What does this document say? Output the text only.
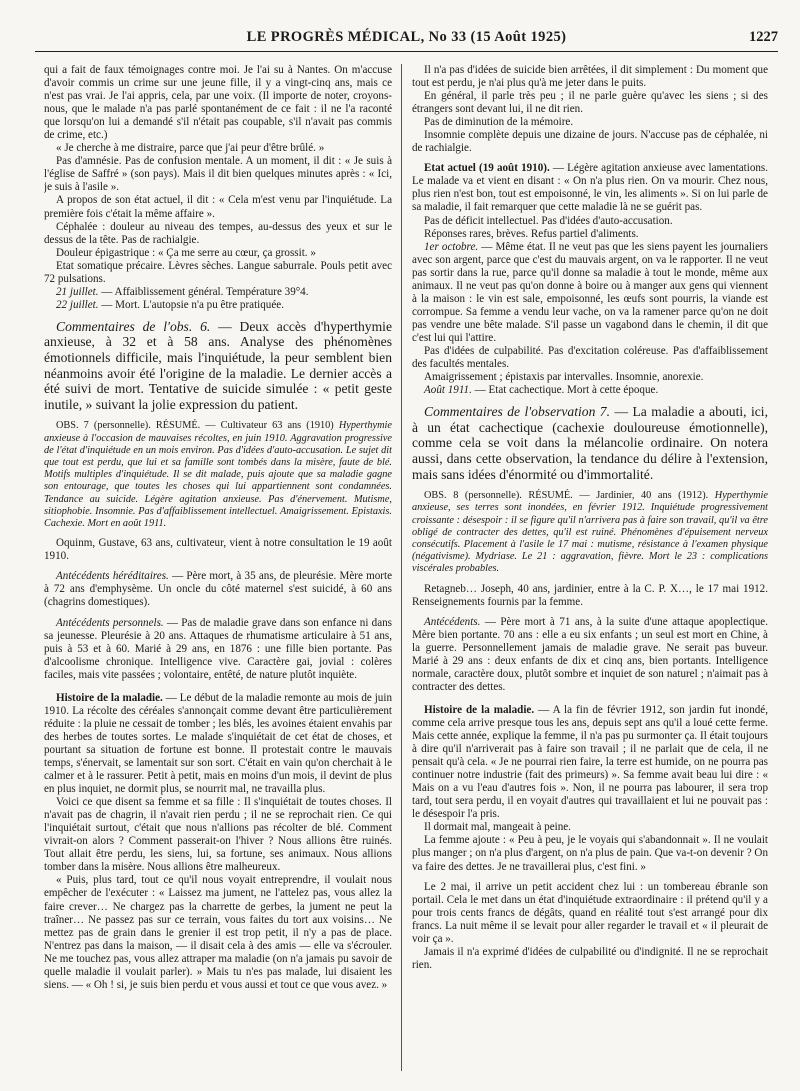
LE PROGRÈS MÉDICAL, No 33 (15 Août 1925)	1227

qui a fait de faux témoignages contre moi. Je l'ai su à Nantes. On m'accuse d'avoir commis un crime sur une jeune fille, il y a vingt-cinq ans, mais ce n'est pas vrai. Je l'ai appris, cela, par une voix. (Il importe de noter, croyons-nous, que le malade n'a pas parlé spontanément de ce fait : il ne l'a raconté que lorsqu'on lui a demandé s'il n'était pas coupable, s'il n'avait pas commis de crime, etc.)

« Je cherche à me distraire, parce que j'ai peur d'être brûlé. »

Pas d'amnésie. Pas de confusion mentale. A un moment, il dit : « Je suis à l'église de Saffré » (son pays). Mais il dit bien quelques minutes après : « Ici, je suis à l'asile ».

A propos de son état actuel, il dit : « Cela m'est venu par l'inquiétude. La première fois c'était la même affaire ».

Céphalée : douleur au niveau des tempes, au-dessus des yeux et sur le dessus de la tête. Pas de rachialgie.

Douleur épigastrique : « Ça me serre au cœur, ça grossit. »

Etat somatique précaire. Lèvres sèches. Langue saburrale. Pouls petit avec 72 pulsations.

21 juillet. — Affaiblissement général. Température 39°4.

22 juillet. — Mort. L'autopsie n'a pu être pratiquée.

Commentaires de l'obs. 6. — Deux accès d'hyperthymie anxieuse, à 32 et à 58 ans. Analyse des phénomènes émotionnels difficile, mais l'inquiétude, la peur semblent bien néanmoins avoir été l'origine de la maladie. Le dernier accès a été suivi de mort. Tentative de suicide simulée : « petit geste inutile, » suivant la jolie expression du patient.

OBS. 7 (personnelle). RÉSUMÉ. — Cultivateur 63 ans (1910) Hyperthymie anxieuse à l'occasion de mauvaises récoltes, en juin 1910. Aggravation progressive de l'état d'inquiétude en un mois environ. Pas d'idées d'auto-accusation. Le sujet dit que tout est perdu, que lui et sa famille sont tombés dans la misère, faute de blé. Motifs multiples d'inquiétude. Il se dit malade, puis ajoute que sa maladie gagne son entourage, que toutes les choses qui lui appartiennent sont condamnées. Tendance au suicide. Légère agitation anxieuse. Pas d'énervement. Mutisme, sitiophobie. Insomnie. Pas d'affaiblissement intellectuel. Amaigrissement. Epistaxis. Cachexie. Mort en août 1911.

Oquinm, Gustave, 63 ans, cultivateur, vient à notre consultation le 19 août 1910.

Antécédents héréditaires. — Père mort, à 35 ans, de pleurésie. Mère morte à 72 ans d'emphysème. Un oncle du côté maternel s'est suicidé, à 60 ans (chagrins domestiques).

Antécédents personnels. — Pas de maladie grave dans son enfance ni dans sa jeunesse. Pleurésie à 20 ans. Attaques de rhumatisme articulaire à 51 ans, puis à 53 et à 60. Marié à 29 ans, en 1876 : une fille bien portante. Pas d'alcoolisme chronique. Intelligence vive. Caractère gai, jovial : colères faciles, mais vite passées ; volontaire, entêté, de nature plutôt inquiète.

Histoire de la maladie. — Le début de la maladie remonte au mois de juin 1910. La récolte des céréales s'annonçait comme devant être particulièrement réduite : la pluie ne cessait de tomber ; les blés, les avoines étaient envahis par des herbes de toutes sortes. Le malade s'inquiétait de cet état de choses, et pourtant sa situation de fortune est bonne. Il protestait contre le mauvais temps, s'énervait, se lamentait sur son sort. C'était en vain qu'on cherchait à le calmer et à le rassurer. Petit à petit, mais en moins d'un mois, il devint de plus en plus inquiet, ne dormit plus, se nourrit mal, ne travailla plus.

Voici ce que disent sa femme et sa fille : Il s'inquiétait de toutes choses. Il n'avait pas de chagrin, il n'avait rien perdu ; il ne se reprochait rien. Ce qui l'inquiétait surtout, c'était que nous n'allions pas récolter de blé. Comment vivrait-on alors ? Comment passerait-on l'hiver ? Nous allions être ruinés. Tout allait être perdu, les siens, lui, sa fortune, ses animaux. Nous allions tomber dans la misère. Nous allions être malheureux.

« Puis, plus tard, tout ce qu'il nous voyait entreprendre, il voulait nous empêcher de l'exécuter : « Laissez ma jument, ne l'attelez pas, vous allez la faire crever… Ne chargez pas la charrette de gerbes, la jument ne peut la traîner… Ne passez pas sur ce terrain, vous faites du tort aux voisins… Ne mettez pas de grain dans le grenier il est trop petit, il n'y a pas de place. N'entrez pas dans la maison, — il disait cela à des amis — elle va s'écrouler. Ne me touchez pas, vous allez attraper ma maladie (on n'a jamais pu savoir de quelle maladie il voulait parler). » Mais tu n'es pas malade, lui disaient les siens. — « Oh ! si, je suis bien perdu et vous aussi et tout ce que vous avez. »

Il n'a pas d'idées de suicide bien arrêtées, il dit simplement : Du moment que tout est perdu, je n'ai plus qu'à me jeter dans le puits.

En général, il parle très peu ; il ne parle guère qu'avec les siens ; si des étrangers sont devant lui, il ne dit rien.

Pas de diminution de la mémoire.

Insomnie complète depuis une dizaine de jours. N'accuse pas de céphalée, ni de rachialgie.

Etat actuel (19 août 1910). — Légère agitation anxieuse avec lamentations. Le malade va et vient en disant : « On n'a plus rien. On va mourir. Chez nous, plus rien n'est bon, tout est empoisonné, le vin, les aliments ». Si on lui parle de sa maladie, il fait remarquer que cette maladie là ne se guérit pas.

Pas de déficit intellectuel. Pas d'idées d'auto-accusation.

Réponses rares, brèves. Refus partiel d'aliments.

1er octobre. — Même état. Il ne veut pas que les siens payent les journaliers avec son argent, parce que c'est du mauvais argent, on va le rapporter. Il ne veut pas sortir dans la rue, parce qu'il donne sa maladie à tout le monde, même aux animaux. Il ne veut pas qu'on donne à boire ou à manger aux gens qui viennent à la maison : le vin est sale, empoisonné, les œufs sont pourris, la viande est corrompue. Sa femme a vendu leur vache, on va la ramener parce qu'on ne doit pas vendre une bête malade. S'il passe un vagabond dans le chemin, il dit que c'est lui qui l'attire.

Pas d'idées de culpabilité. Pas d'excitation coléreuse. Pas d'affaiblissement des facultés mentales.

Amaigrissement ; épistaxis par intervalles. Insomnie, anorexie.

Août 1911. — Etat cachectique. Mort à cette époque.

Commentaires de l'observation 7. — La maladie a abouti, ici, à un état cachectique (cachexie douloureuse émotionnelle), comme cela se voit dans la mélancolie ordinaire. On notera aussi, dans cette observation, la tendance du délire à l'extension, mais sans idées d'énormité ou d'immortalité.

OBS. 8 (personnelle). RÉSUMÉ. — Jardinier, 40 ans (1912). Hyperthymie anxieuse, ses terres sont inondées, en février 1912. Inquiétude progressivement croissante : désespoir : il se figure qu'il n'arrivera pas à faire son travail, qu'il va être obligé de contracter des dettes, qu'il est ruiné. Phénomènes d'épuisement nerveux consécutifs. Placement à l'asile le 17 mai : mutisme, résistance à l'examen physique (négativisme). Mydriase. Le 21 : aggravation, fièvre. Mort le 23 : complications viscérales probables.

Retagneb… Joseph, 40 ans, jardinier, entre à la C. P. X…, le 17 mai 1912. Renseignements fournis par la femme.

Antécédents. — Père mort à 71 ans, à la suite d'une attaque apoplectique. Mère bien portante. 70 ans : elle a eu six enfants ; un seul est mort en Chine, à la guerre. Personnellement jamais de maladie grave. Ne serait pas buveur. Marié à 29 ans : deux enfants de dix et cinq ans, bien portants. Intelligence normale, caractère doux, plutôt sombre et inquiet de son naturel ; n'aimait pas à contracter des dettes.

Histoire de la maladie. — A la fin de février 1912, son jardin fut inondé, comme cela arrive presque tous les ans, depuis sept ans qu'il a loué cette ferme. Mais cette année, explique la femme, il n'a pas pu surmonter ça. Il était toujours à dire qu'il n'arriverait pas à faire son travail ; il ne parlait que de cela, il ne pensait qu'à cela. « Je ne pourrai rien faire, la terre est humide, on ne pourra pas continuer notre industrie (fait des primeurs) ». Sa femme avait beau lui dire : « Mais on a vu l'eau d'autres fois ». Non, il ne pourra pas labourer, il sera trop tard, tout sera perdu, il en voyait d'autres qui travaillaient et lui ne pouvait pas : le désespoir l'a pris.

Il dormait mal, mangeait à peine.

La femme ajoute : « Peu à peu, je le voyais qui s'abandonnait ». Il ne voulait plus manger ; on n'a plus d'argent, on n'a plus de pain. Que va-t-on devenir ? On va faire des dettes. Je ne travaillerai plus, c'est fini. »

Le 2 mai, il arrive un petit accident chez lui : un tombereau ébranle son portail. Cela le met dans un état d'inquiétude extraordinaire : il prétend qu'il y a pour trois cents francs de dégâts, quand en réalité tout s'est arrangé pour dix francs. La nuit même il se levait pour aller regarder le travail et « il pleurait de voir ça ».

Jamais il n'a exprimé d'idées de culpabilité ou d'indignité. Il ne se reprochait rien.
